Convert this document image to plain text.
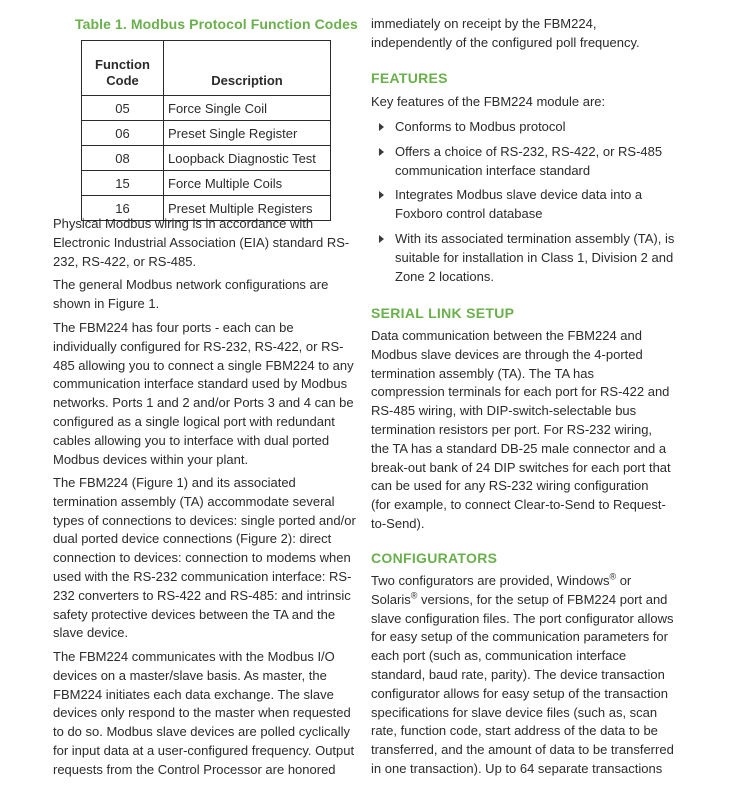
Table 1. Modbus Protocol Function Codes
Function
Code	Description
05	Force Single Coil
06	Preset Single Register
08	Loopback Diagnostic Test
15	Force Multiple Coils
16	Preset Multiple Registers

Physical Modbus wiring is in accordance with Electronic Industrial Association (EIA) standard RS-232, RS-422, or RS-485.

The general Modbus network configurations are shown in Figure 1.

The FBM224 has four ports - each can be individually configured for RS-232, RS-422, or RS-485 allowing you to connect a single FBM224 to any communication interface standard used by Modbus networks. Ports 1 and 2 and/or Ports 3 and 4 can be configured as a single logical port with redundant cables allowing you to interface with dual ported Modbus devices within your plant.

The FBM224 (Figure 1) and its associated termination assembly (TA) accommodate several types of connections to devices: single ported and/or dual ported device connections (Figure 2): direct connection to devices: connection to modems when used with the RS-232 communication interface: RS-232 converters to RS-422 and RS-485: and intrinsic safety protective devices between the TA and the slave device.

The FBM224 communicates with the Modbus I/O devices on a master/slave basis. As master, the FBM224 initiates each data exchange. The slave devices only respond to the master when requested to do so. Modbus slave devices are polled cyclically for input data at a user-configured frequency. Output requests from the Control Processor are honored

immediately on receipt by the FBM224, independently of the configured poll frequency.

FEATURES

Key features of the FBM224 module are:

Conforms to Modbus protocol
Offers a choice of RS-232, RS-422, or RS-485 communication interface standard
Integrates Modbus slave device data into a Foxboro control database
With its associated termination assembly (TA), is suitable for installation in Class 1, Division 2 and Zone 2 locations.
SERIAL LINK SETUP

Data communication between the FBM224 and Modbus slave devices are through the 4-ported termination assembly (TA). The TA has compression terminals for each port for RS-422 and RS-485 wiring, with DIP-switch-selectable bus termination resistors per port. For RS-232 wiring, the TA has a standard DB-25 male connector and a break-out bank of 24 DIP switches for each port that can be used for any RS-232 wiring configuration (for example, to connect Clear-to-Send to Request-to-Send).

CONFIGURATORS

Two configurators are provided, Windows® or
Solaris® versions, for the setup of FBM224 port and slave configuration files. The port configurator allows for easy setup of the communication parameters for each port (such as, communication interface standard, baud rate, parity). The device transaction configurator allows for easy setup of the transaction specifications for slave device files (such as, scan rate, function code, start address of the data to be transferred, and the amount of data to be transferred in one transaction). Up to 64 separate transactions
